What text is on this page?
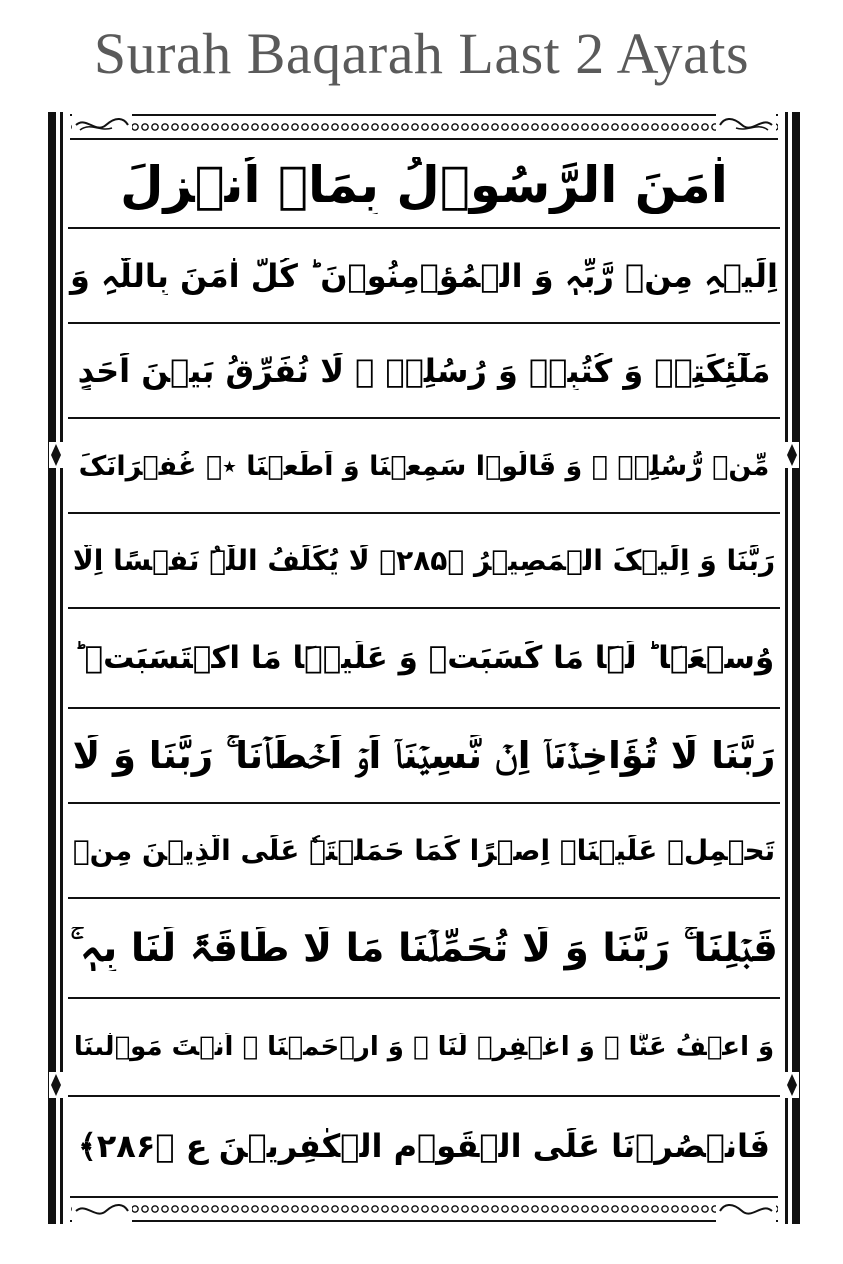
Surah Baqarah Last 2 Ayats
اٰمَنَ الرَّسُوۡلُ بِمَاۤ اُنۡزِلَ
اِلَیۡہِ مِنۡ رَّبِّہٖ وَ الۡمُؤۡمِنُوۡنَ ؕ کُلٌّ اٰمَنَ بِاللّٰہِ وَ
مَلٰٓئِکَتِہٖ وَ کُتُبِہٖ وَ رُسُلِہٖ ۟ لَا نُفَرِّقُ بَیۡنَ اَحَدٍ
مِّنۡ رُّسُلِہٖ ۟ وَ قَالُوۡا سَمِعۡنَا وَ اَطَعۡنَا ٭۫ غُفۡرَانَکَ
رَبَّنَا وَ اِلَیۡکَ الۡمَصِیۡرُ ﴿۲۸۵﴾ لَا یُکَلِّفُ اللّٰہُ نَفۡسًا اِلَّا
وُسۡعَہَا ؕ لَہَا مَا کَسَبَتۡ وَ عَلَیۡہَا مَا اکۡتَسَبَتۡ ؕ
رَبَّنَا لَا تُؤَاخِذۡنَاۤ اِنۡ نَّسِیۡنَاۤ اَوۡ اَخۡطَاۡنَا ۚ رَبَّنَا وَ لَا
تَحۡمِلۡ عَلَیۡنَاۤ اِصۡرًا کَمَا حَمَلۡتَہٗ عَلَی الَّذِیۡنَ مِنۡ
قَبۡلِنَا ۚ رَبَّنَا وَ لَا تُحَمِّلۡنَا مَا لَا طَاقَۃَ لَنَا بِہٖ ۚ
وَ اعۡفُ عَنَّا ٝ وَ اغۡفِرۡ لَنَا ٝ وَ ارۡحَمۡنَا ٝ اَنۡتَ مَوۡلٰىنَا
فَانۡصُرۡنَا عَلَی الۡقَوۡمِ الۡکٰفِرِیۡنَ ع ﴿۲۸۶﴾
